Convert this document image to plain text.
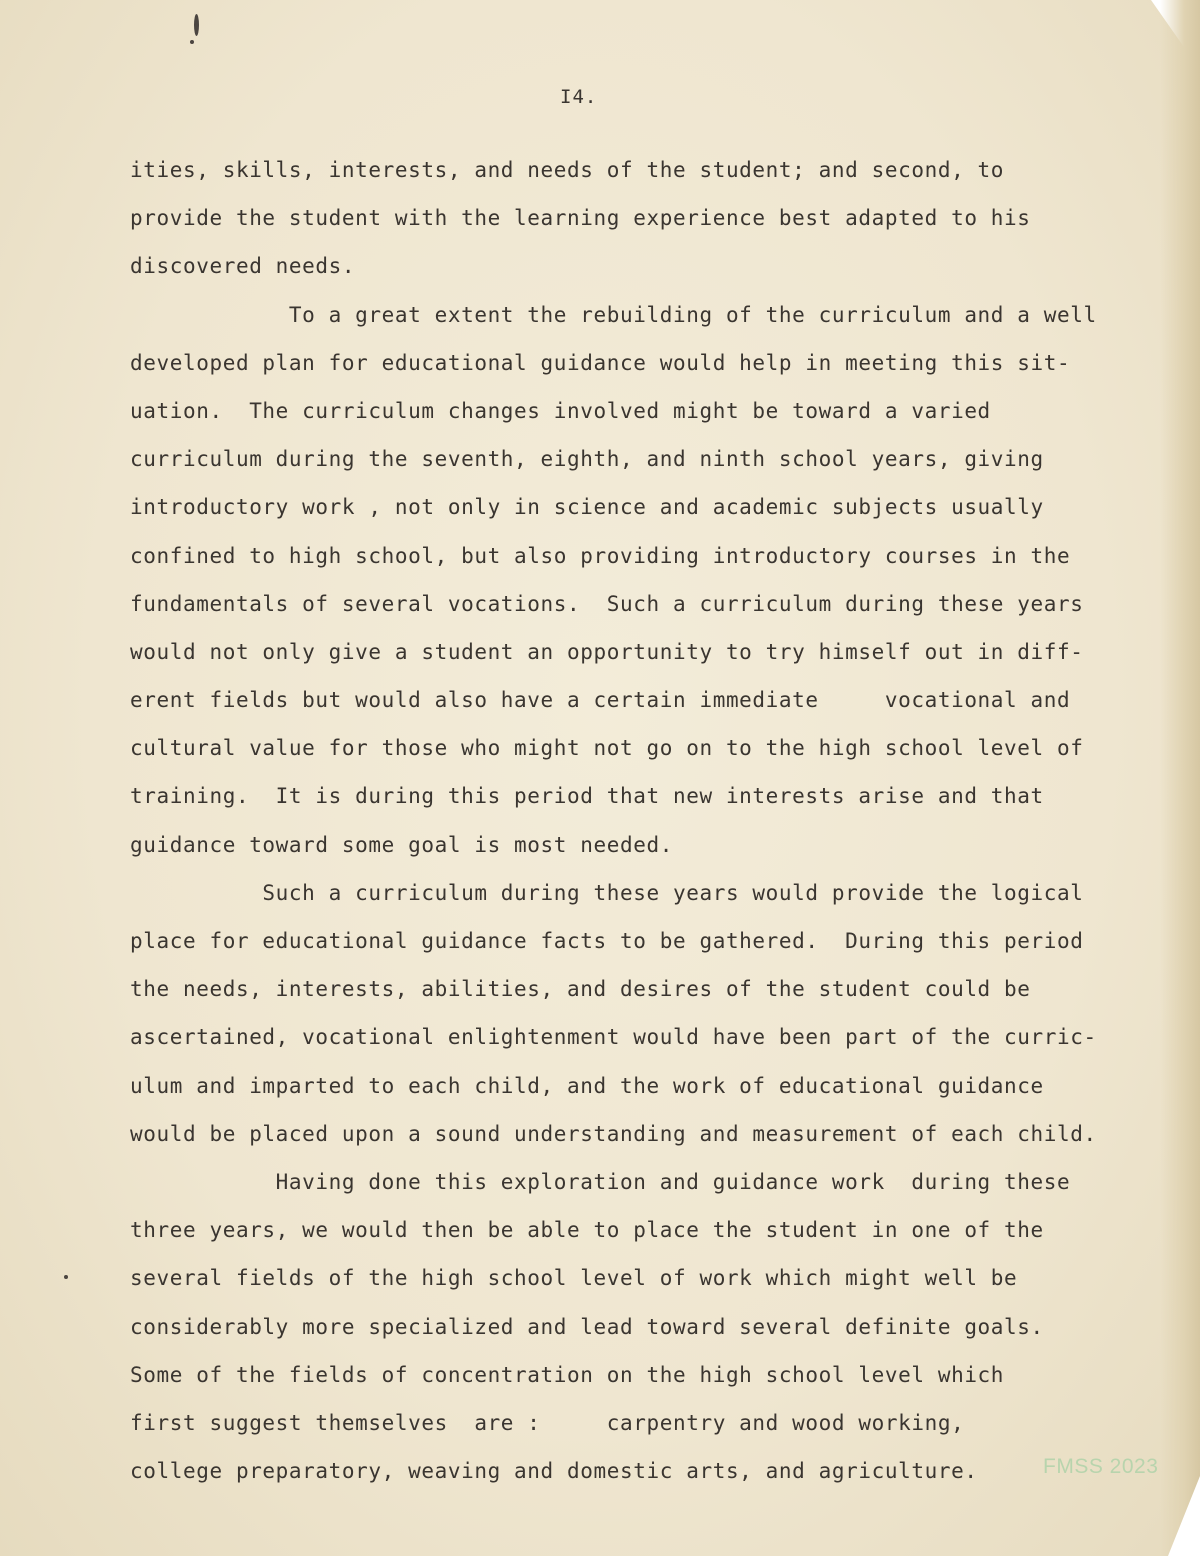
I4.
ities, skills, interests, and needs of the student; and second, to
provide the student with the learning experience best adapted to his
discovered needs.
To a great extent the rebuilding of the curriculum and a well
developed plan for educational guidance would help in meeting this sit-
uation.  The curriculum changes involved might be toward a varied
curriculum during the seventh, eighth, and ninth school years, giving
introductory work , not only in science and academic subjects usually
confined to high school, but also providing introductory courses in the
fundamentals of several vocations.  Such a curriculum during these years
would not only give a student an opportunity to try himself out in diff-
erent fields but would also have a certain immediate     vocational and
cultural value for those who might not go on to the high school level of
training.  It is during this period that new interests arise and that
guidance toward some goal is most needed.
Such a curriculum during these years would provide the logical
place for educational guidance facts to be gathered.  During this period
the needs, interests, abilities, and desires of the student could be
ascertained, vocational enlightenment would have been part of the curric-
ulum and imparted to each child, and the work of educational guidance
would be placed upon a sound understanding and measurement of each child.
Having done this exploration and guidance work  during these
three years, we would then be able to place the student in one of the
several fields of the high school level of work which might well be
considerably more specialized and lead toward several definite goals.
Some of the fields of concentration on the high school level which
first suggest themselves  are :     carpentry and wood working,
college preparatory, weaving and domestic arts, and agriculture.	FMSS 2023
